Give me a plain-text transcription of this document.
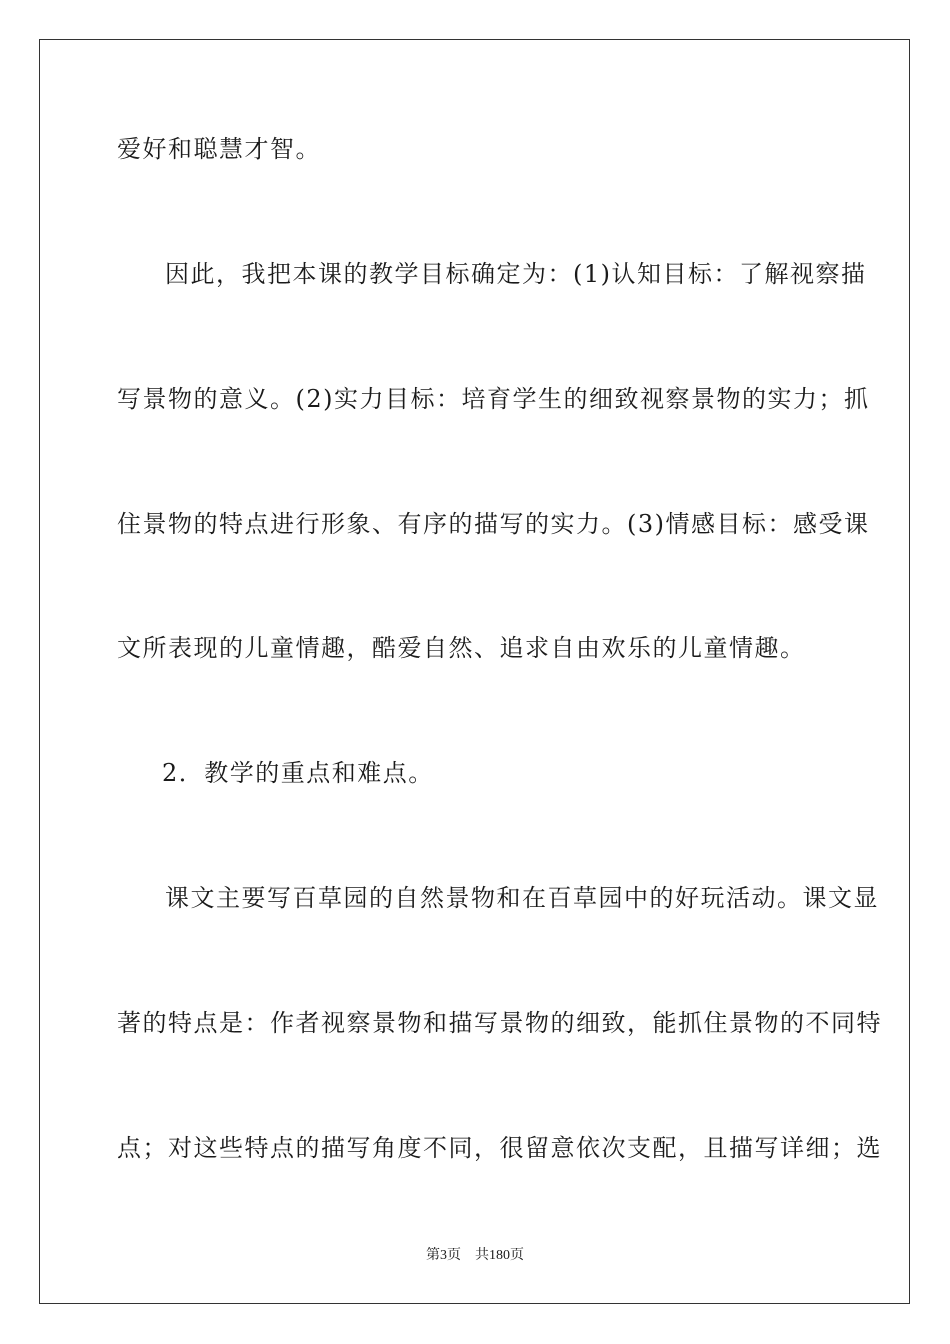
爱好和聪慧才智。
因此，我把本课的教学目标确定为：(1)认知目标：了解视察描
写景物的意义。(2)实力目标：培育学生的细致视察景物的实力；抓
住景物的特点进行形象、有序的描写的实力。(3)情感目标：感受课
文所表现的儿童情趣，酷爱自然、追求自由欢乐的儿童情趣。
2．教学的重点和难点。
课文主要写百草园的自然景物和在百草园中的好玩活动。课文显
著的特点是：作者视察景物和描写景物的细致，能抓住景物的不同特
点；对这些特点的描写角度不同，很留意依次支配，且描写详细；选
第3页 共180页
